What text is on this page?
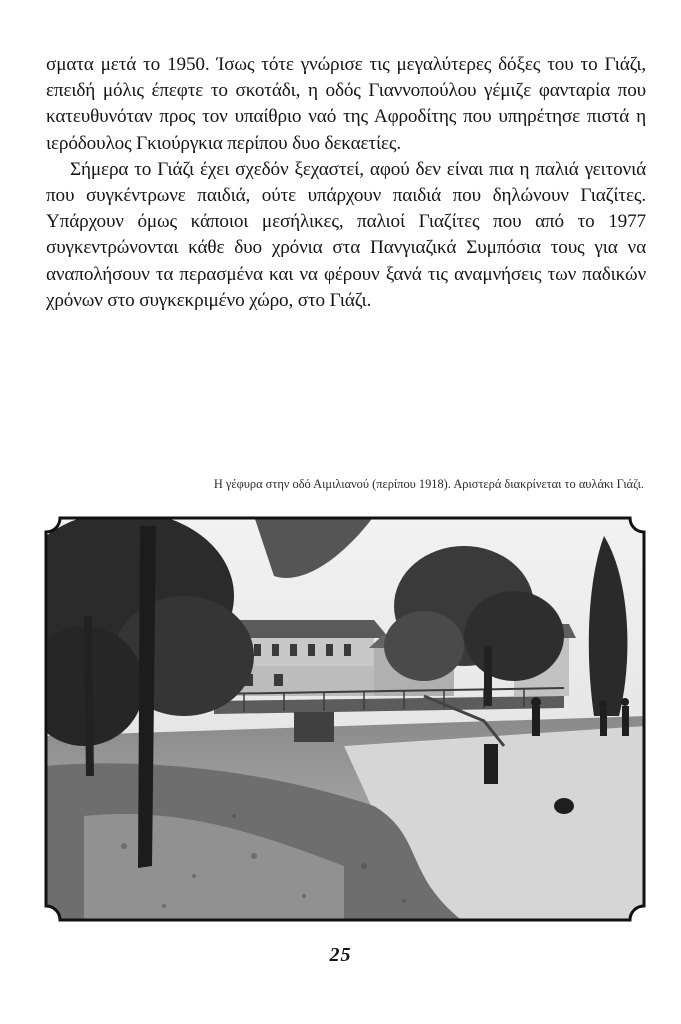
σματα μετά το 1950. Ίσως τότε γνώρισε τις μεγαλύτερες δόξες του το Γιάζι, επειδή μόλις έπεφτε το σκοτάδι, η οδός Γιαννοπούλου γέμιζε φανταρία που κατευθυνόταν προς τον υπαίθριο ναό της Αφροδίτης που υπηρέτησε πιστά η ιερόδουλος Γκιούργκια περίπου δυο δεκαετίες.

Σήμερα το Γιάζι έχει σχεδόν ξεχαστεί, αφού δεν είναι πια η παλιά γειτονιά που συγκέντρωνε παιδιά, ούτε υπάρχουν παιδιά που δηλώνουν Γιαζίτες. Υπάρχουν όμως κάποιοι μεσήλικες, παλιοί Γιαζίτες που από το 1977 συγκεντρώνονται κάθε δυο χρόνια στα Πανγιαζικά Συμπόσια τους για να αναπολήσουν τα περασμένα και να φέρουν ξανά τις αναμνήσεις των παδικών χρόνων στο συγκεκριμένο χώρο, στο Γιάζι.

Η γέφυρα στην οδό Αιμιλιανού (περίπου 1918). Αριστερά διακρίνεται το αυλάκι Γιάζι.
25
